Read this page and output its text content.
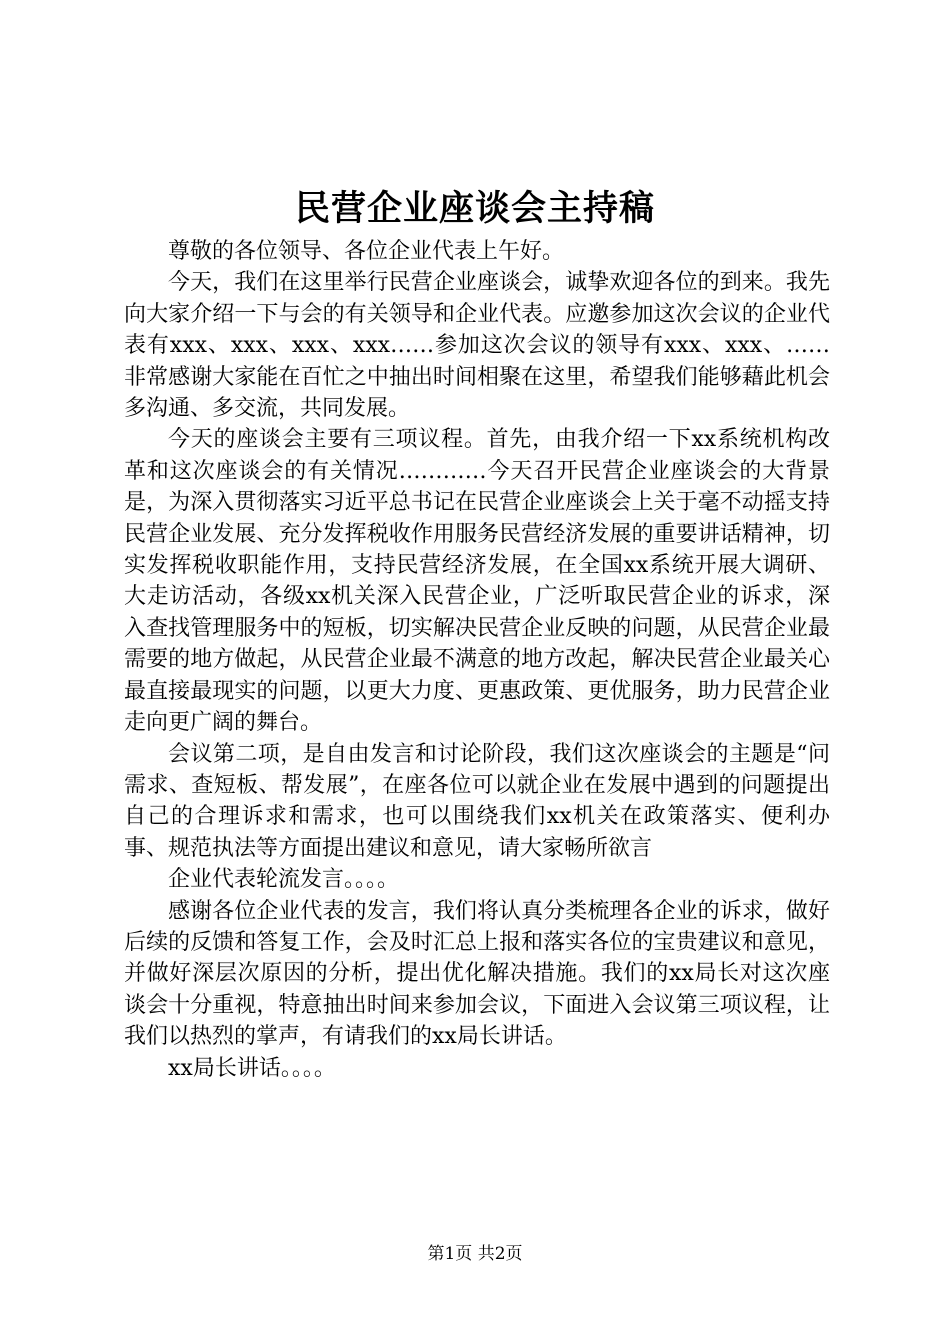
民营企业座谈会主持稿

尊敬的各位领导、各位企业代表上午好。

今天，我们在这里举行民营企业座谈会，诚挚欢迎各位的到来。我先向大家介绍一下与会的有关领导和企业代表。应邀参加这次会议的企业代表有xxx、xxx、xxx、xxx……参加这次会议的领导有xxx、xxx、……非常感谢大家能在百忙之中抽出时间相聚在这里，希望我们能够藉此机会多沟通、多交流，共同发展。

今天的座谈会主要有三项议程。首先，由我介绍一下xx系统机构改革和这次座谈会的有关情况…………今天召开民营企业座谈会的大背景是，为深入贯彻落实习近平总书记在民营企业座谈会上关于毫不动摇支持民营企业发展、充分发挥税收作用服务民营经济发展的重要讲话精神，切实发挥税收职能作用，支持民营经济发展，在全国xx系统开展大调研、大走访活动，各级xx机关深入民营企业，广泛听取民营企业的诉求，深入查找管理服务中的短板，切实解决民营企业反映的问题，从民营企业最需要的地方做起，从民营企业最不满意的地方改起，解决民营企业最关心最直接最现实的问题，以更大力度、更惠政策、更优服务，助力民营企业走向更广阔的舞台。

会议第二项，是自由发言和讨论阶段，我们这次座谈会的主题是“问需求、查短板、帮发展”，在座各位可以就企业在发展中遇到的问题提出自己的合理诉求和需求，也可以围绕我们xx机关在政策落实、便利办事、规范执法等方面提出建议和意见，请大家畅所欲言

企业代表轮流发言。。。。

感谢各位企业代表的发言，我们将认真分类梳理各企业的诉求，做好后续的反馈和答复工作，会及时汇总上报和落实各位的宝贵建议和意见，并做好深层次原因的分析，提出优化解决措施。我们的xx局长对这次座谈会十分重视，特意抽出时间来参加会议，下面进入会议第三项议程，让我们以热烈的掌声，有请我们的xx局长讲话。

xx局长讲话。。。。

第1页 共2页
